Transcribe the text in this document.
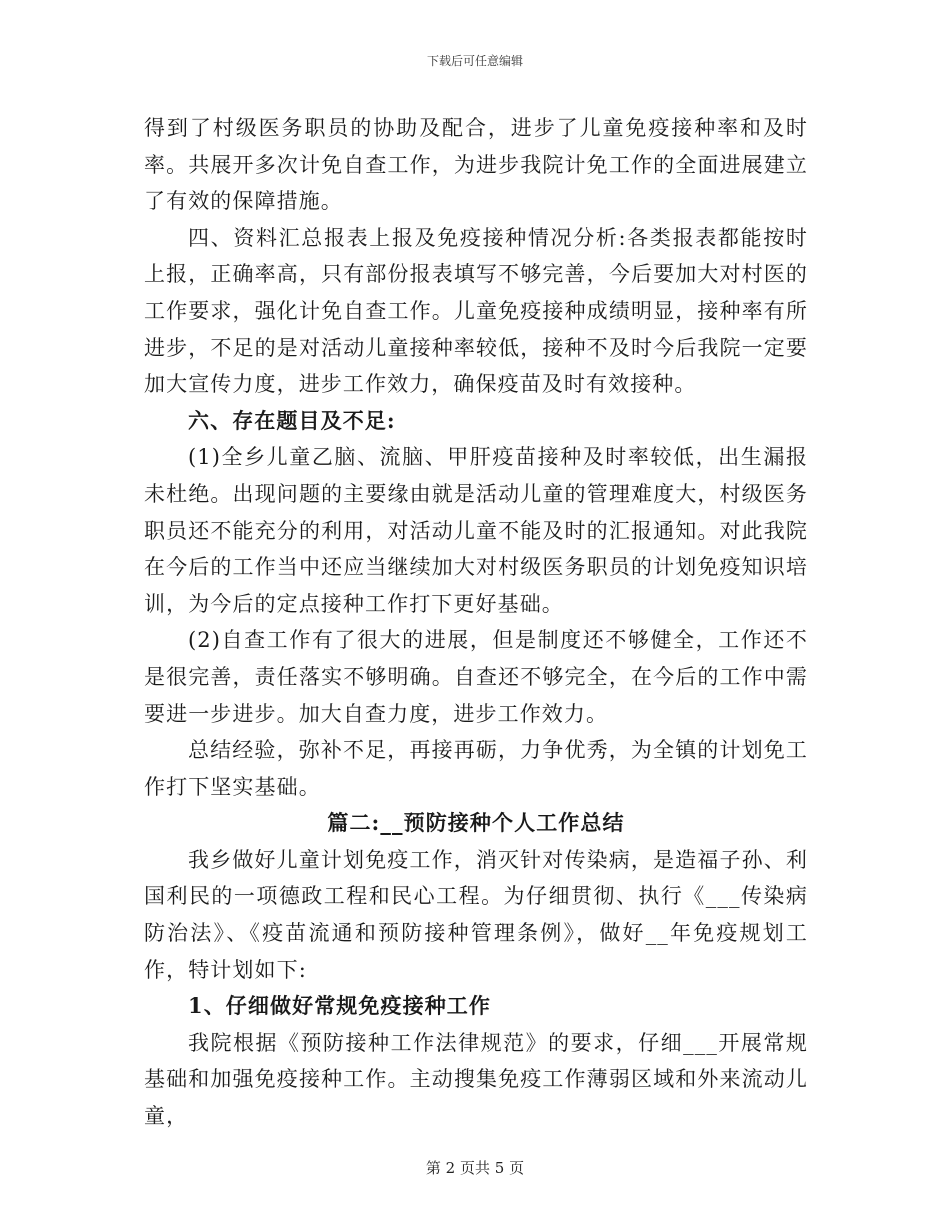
下载后可任意编辑

得到了村级医务职员的协助及配合，进步了儿童免疫接种率和及时率。共展开多次计免自查工作，为进步我院计免工作的全面进展建立了有效的保障措施。

四、资料汇总报表上报及免疫接种情况分析:各类报表都能按时上报，正确率高，只有部份报表填写不够完善，今后要加大对村医的工作要求，强化计免自查工作。儿童免疫接种成绩明显，接种率有所进步，不足的是对活动儿童接种率较低，接种不及时今后我院一定要加大宣传力度，进步工作效力，确保疫苗及时有效接种。

六、存在题目及不足:

(1)全乡儿童乙脑、流脑、甲肝疫苗接种及时率较低，出生漏报未杜绝。出现问题的主要缘由就是活动儿童的管理难度大，村级医务职员还不能充分的利用，对活动儿童不能及时的汇报通知。对此我院在今后的工作当中还应当继续加大对村级医务职员的计划免疫知识培训，为今后的定点接种工作打下更好基础。

(2)自查工作有了很大的进展，但是制度还不够健全，工作还不是很完善，责任落实不够明确。自查还不够完全，在今后的工作中需要进一步进步。加大自查力度，进步工作效力。

总结经验，弥补不足，再接再砺，力争优秀，为全镇的计划免工作打下坚实基础。

篇二:__预防接种个人工作总结

我乡做好儿童计划免疫工作，消灭针对传染病，是造福子孙、利国利民的一项德政工程和民心工程。为仔细贯彻、执行《___传染病防治法》、《疫苗流通和预防接种管理条例》，做好__年免疫规划工作，特计划如下:

1、仔细做好常规免疫接种工作

我院根据《预防接种工作法律规范》的要求，仔细___开展常规基础和加强免疫接种工作。主动搜集免疫工作薄弱区域和外来流动儿童，

第 2 页共 5 页
